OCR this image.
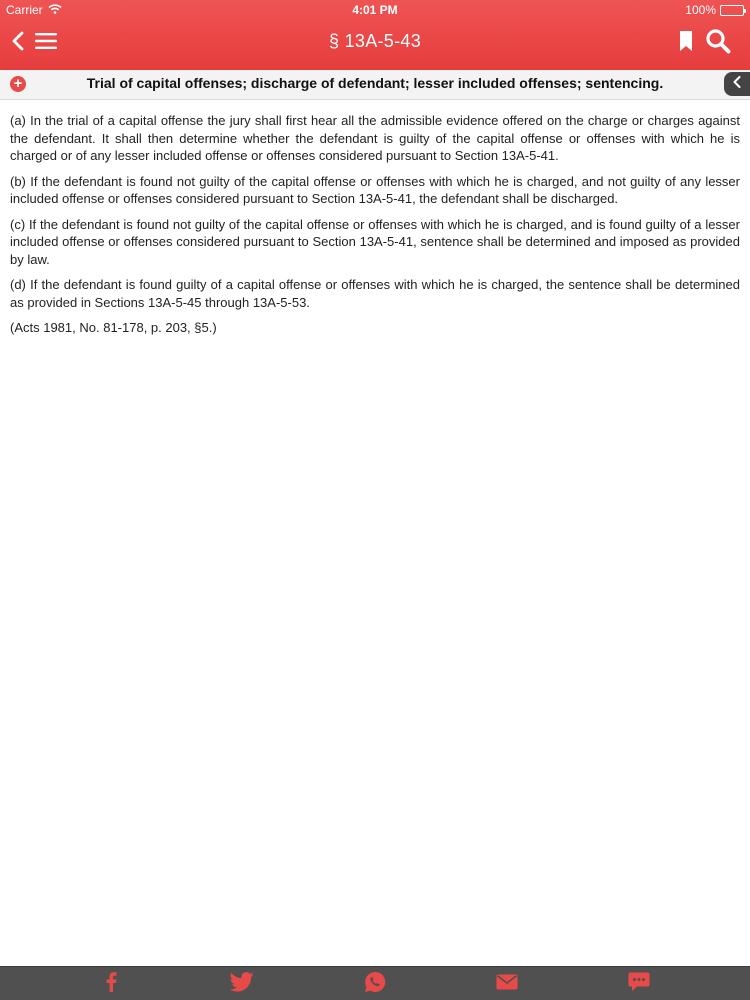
Carrier	4:01 PM	100%
§ 13A-5-43
+	Trial of capital offenses; discharge of defendant; lesser included offenses; sentencing.

(a) In the trial of a capital offense the jury shall first hear all the admissible evidence offered on the charge or charges against the defendant. It shall then determine whether the defendant is guilty of the capital offense or offenses with which he is charged or of any lesser included offense or offenses considered pursuant to Section 13A-5-41.

(b) If the defendant is found not guilty of the capital offense or offenses with which he is charged, and not guilty of any lesser included offense or offenses considered pursuant to Section 13A-5-41, the defendant shall be discharged.

(c) If the defendant is found not guilty of the capital offense or offenses with which he is charged, and is found guilty of a lesser included offense or offenses considered pursuant to Section 13A-5-41, sentence shall be determined and imposed as provided by law.

(d) If the defendant is found guilty of a capital offense or offenses with which he is charged, the sentence shall be determined as provided in Sections 13A-5-45 through 13A-5-53.

(Acts 1981, No. 81-178, p. 203, §5.)
